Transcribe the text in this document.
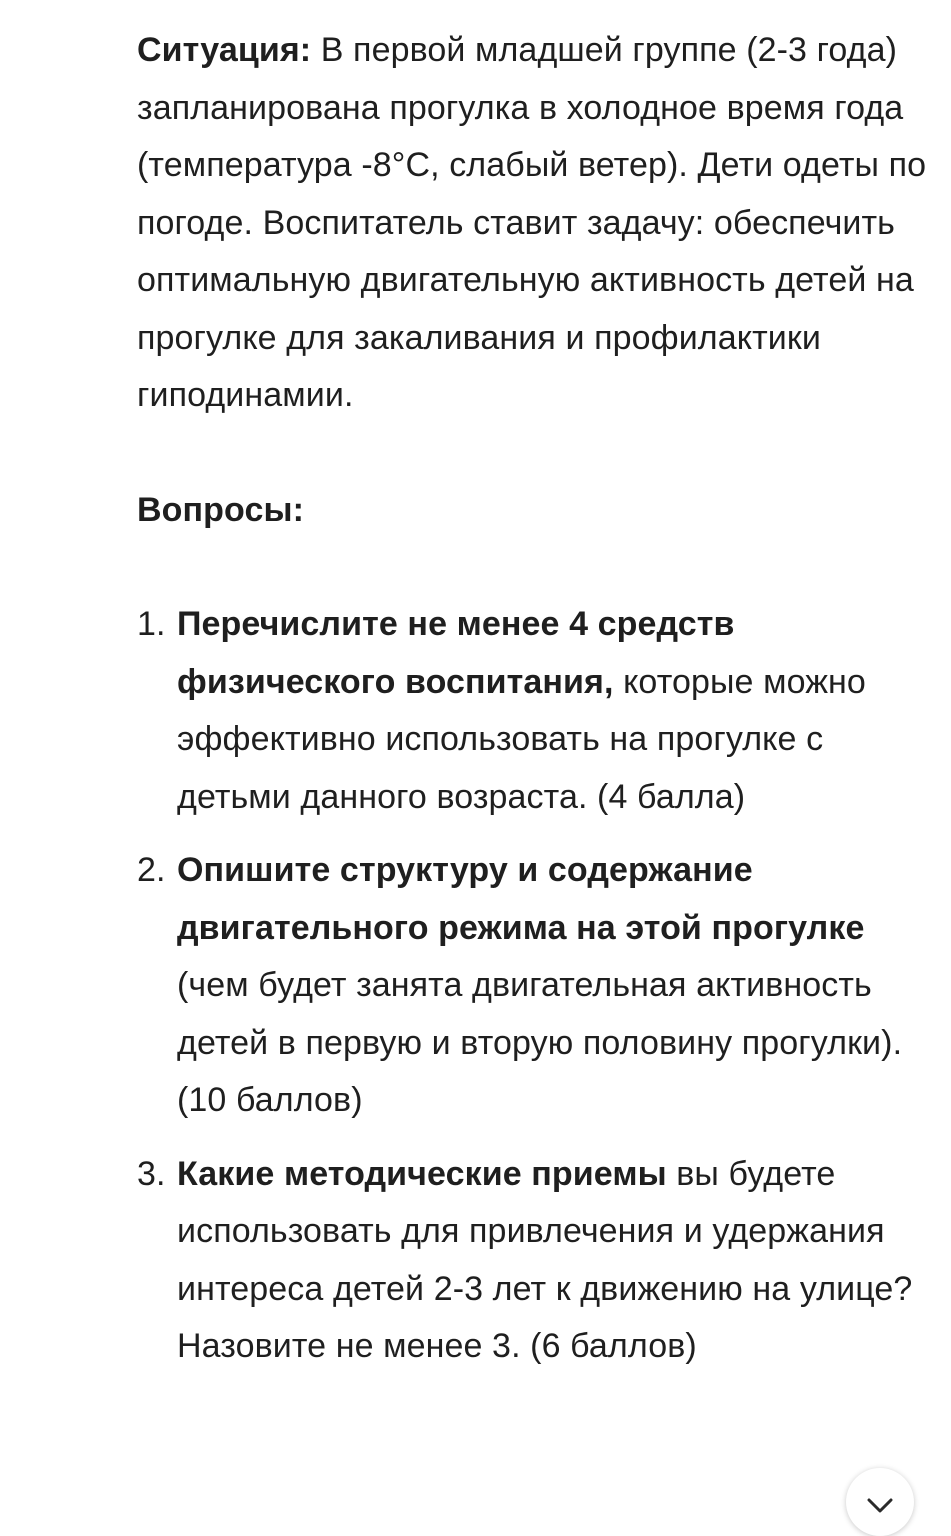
Ситуация: В первой младшей группе (2-3 года) запланирована прогулка в холодное время года (температура -8°C, слабый ветер). Дети одеты по погоде. Воспитатель ставит задачу: обеспечить оптимальную двигательную активность детей на прогулке для закаливания и профилактики гиподинамии.

Вопросы:

1. Перечислите не менее 4 средств физического воспитания, которые можно эффективно использовать на прогулке с детьми данного возраста. (4 балла)
2. Опишите структуру и содержание двигательного режима на этой прогулке (чем будет занята двигательная активность детей в первую и вторую половину прогулки). (10 баллов)
3. Какие методические приемы вы будете использовать для привлечения и удержания интереса детей 2-3 лет к движению на улице? Назовите не менее 3. (6 баллов)
